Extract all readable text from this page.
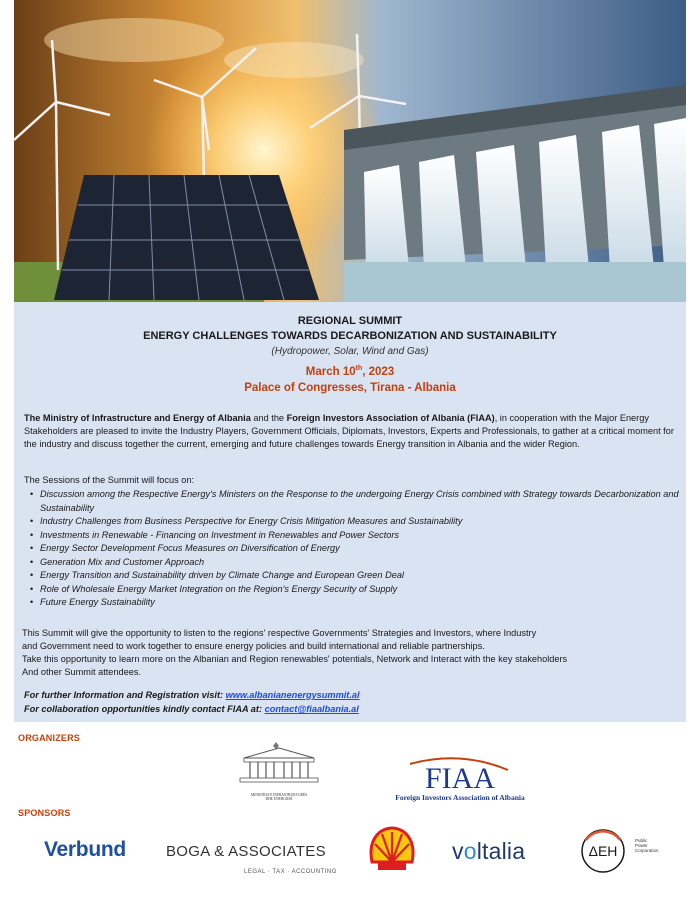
REGIONAL SUMMIT
ENERGY CHALLENGES TOWARDS DECARBONIZATION AND SUSTAINABILITY
(Hydropower, Solar, Wind and Gas)
March 10th, 2023
Palace of Congresses, Tirana - Albania
The Ministry of Infrastructure and Energy of Albania and the Foreign Investors Association of Albania (FIAA), in cooperation with the Major Energy Stakeholders are pleased to invite the Industry Players, Government Officials, Diplomats, Investors, Experts and Professionals, to gather at a critical moment for the industry and discuss together the current, emerging and future challenges towards Energy transition in Albania and the wider Region.
The Sessions of the Summit will focus on:
• Discussion among the Respective Energy's Ministers on the Response to the undergoing Energy Crisis combined with Strategy towards Decarbonization and Sustainability
• Industry Challenges from Business Perspective for Energy Crisis Mitigation Measures and Sustainability
• Investments in Renewable - Financing on Investment in Renewables and Power Sectors
• Energy Sector Development Focus Measures on Diversification of Energy
• Generation Mix and Customer Approach
• Energy Transition and Sustainability driven by Climate Change and European Green Deal
• Role of Wholesale Energy Market Integration on the Region's Energy Security of Supply
• Future Energy Sustainability
This Summit will give the opportunity to listen to the regions' respective Governments' Strategies and Investors, where Industry
and Government need to work together to ensure energy policies and build international and reliable partnerships.
Take this opportunity to learn more on the Albanian and Region renewables' potentials, Network and Interact with the key stakeholders
And other Summit attendees.
For further Information and Registration visit: www.albanianenergysummit.al
For collaboration opportunities kindly contact FIAA at: contact@fiaalbania.al
ORGANIZERS
MINISTRIA E INFRASTRUKTURËS
DHE ENERGJISË
FIAA
Foreign Investors Association of Albania
SPONSORS
Verbund	BOGA & ASSOCIATES
LEGAL · TAX · ACCOUNTING
voltalia	ΔΕΗ
Public
Power
Corporation
